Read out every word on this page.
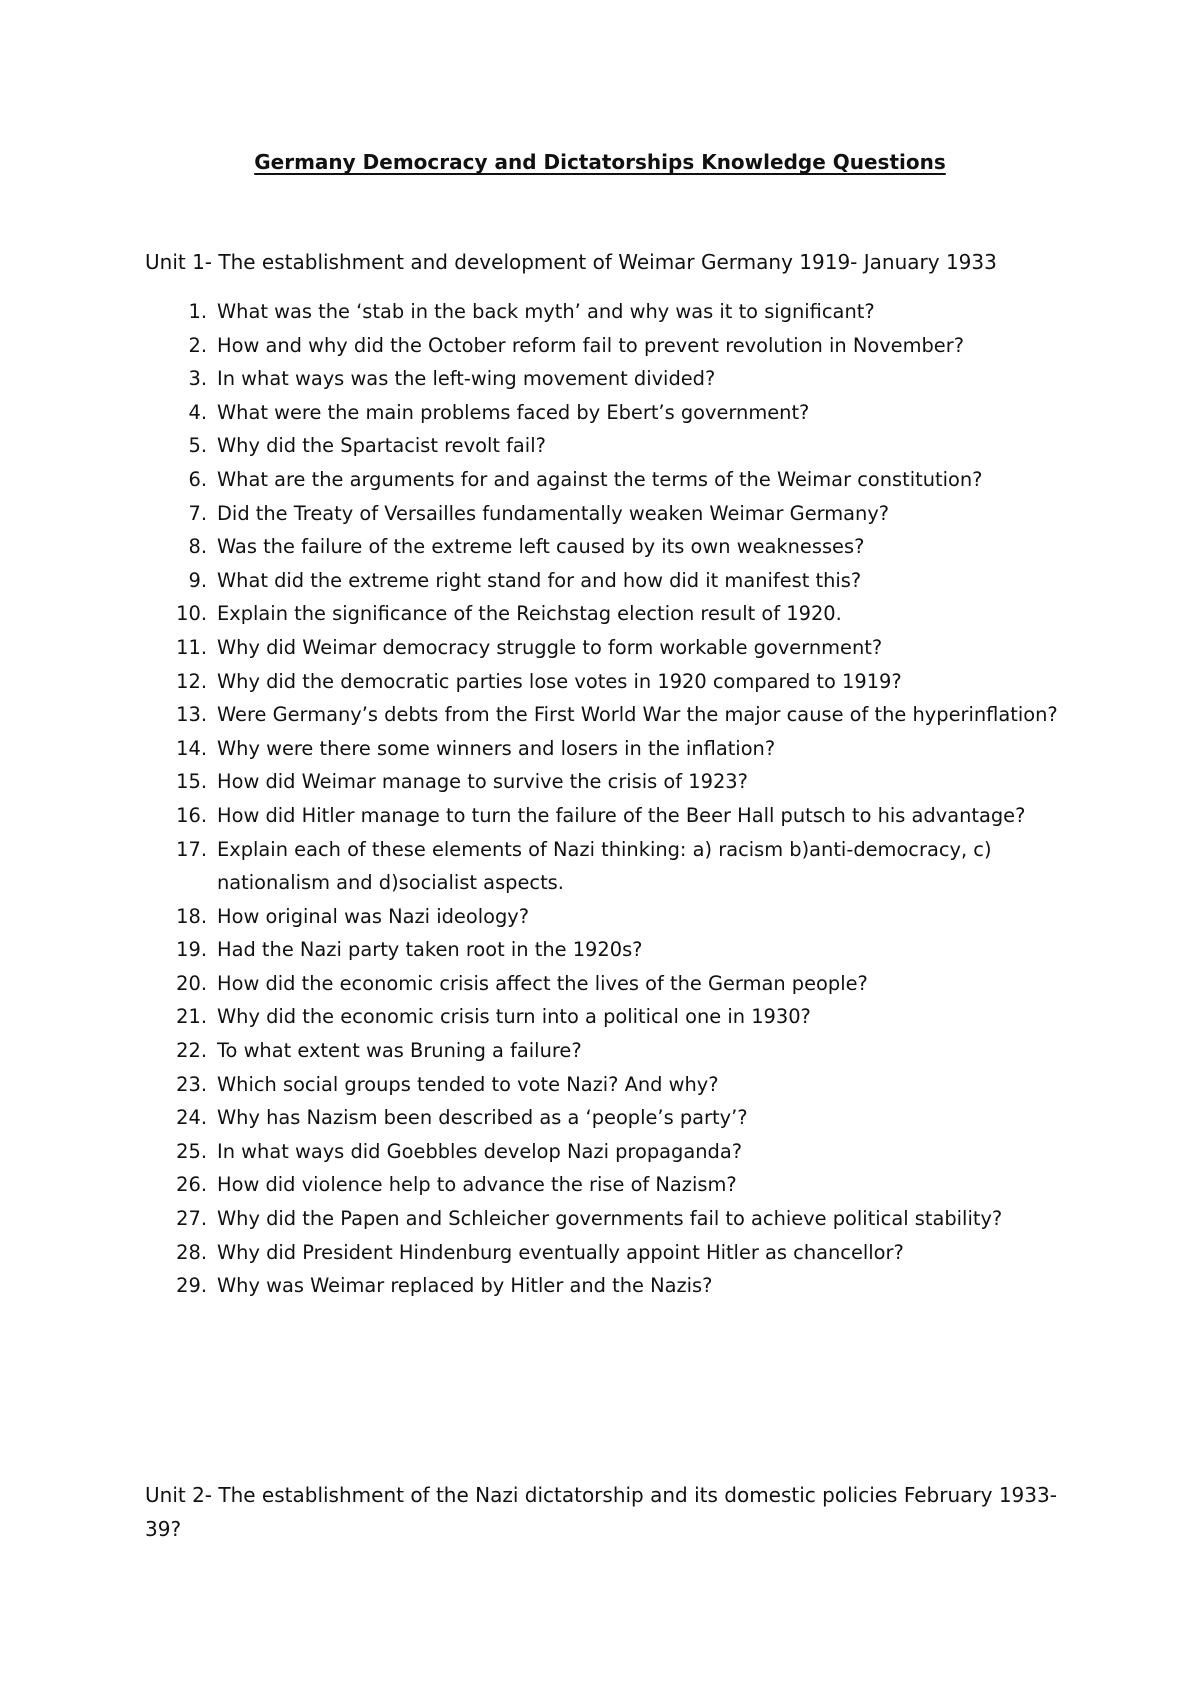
Germany Democracy and Dictatorships Knowledge Questions

Unit 1- The establishment and development of Weimar Germany 1919- January 1933

1. What was the ‘stab in the back myth’ and why was it to significant?
2. How and why did the October reform fail to prevent revolution in November?
3. In what ways was the left-wing movement divided?
4. What were the main problems faced by Ebert’s government?
5. Why did the Spartacist revolt fail?
6. What are the arguments for and against the terms of the Weimar constitution?
7. Did the Treaty of Versailles fundamentally weaken Weimar Germany?
8. Was the failure of the extreme left caused by its own weaknesses?
9. What did the extreme right stand for and how did it manifest this?
10. Explain the significance of the Reichstag election result of 1920.
11. Why did Weimar democracy struggle to form workable government?
12. Why did the democratic parties lose votes in 1920 compared to 1919?
13. Were Germany’s debts from the First World War the major cause of the hyperinflation?
14. Why were there some winners and losers in the inflation?
15. How did Weimar manage to survive the crisis of 1923?
16. How did Hitler manage to turn the failure of the Beer Hall putsch to his advantage?
17. Explain each of these elements of Nazi thinking: a) racism b)anti-democracy, c) nationalism and d)socialist aspects.
18. How original was Nazi ideology?
19. Had the Nazi party taken root in the 1920s?
20. How did the economic crisis affect the lives of the German people?
21. Why did the economic crisis turn into a political one in 1930?
22. To what extent was Bruning a failure?
23. Which social groups tended to vote Nazi? And why?
24. Why has Nazism been described as a ‘people’s party’?
25. In what ways did Goebbles develop Nazi propaganda?
26. How did violence help to advance the rise of Nazism?
27. Why did the Papen and Schleicher governments fail to achieve political stability?
28. Why did President Hindenburg eventually appoint Hitler as chancellor?
29. Why was Weimar replaced by Hitler and the Nazis?

Unit 2- The establishment of the Nazi dictatorship and its domestic policies February 1933-39?
